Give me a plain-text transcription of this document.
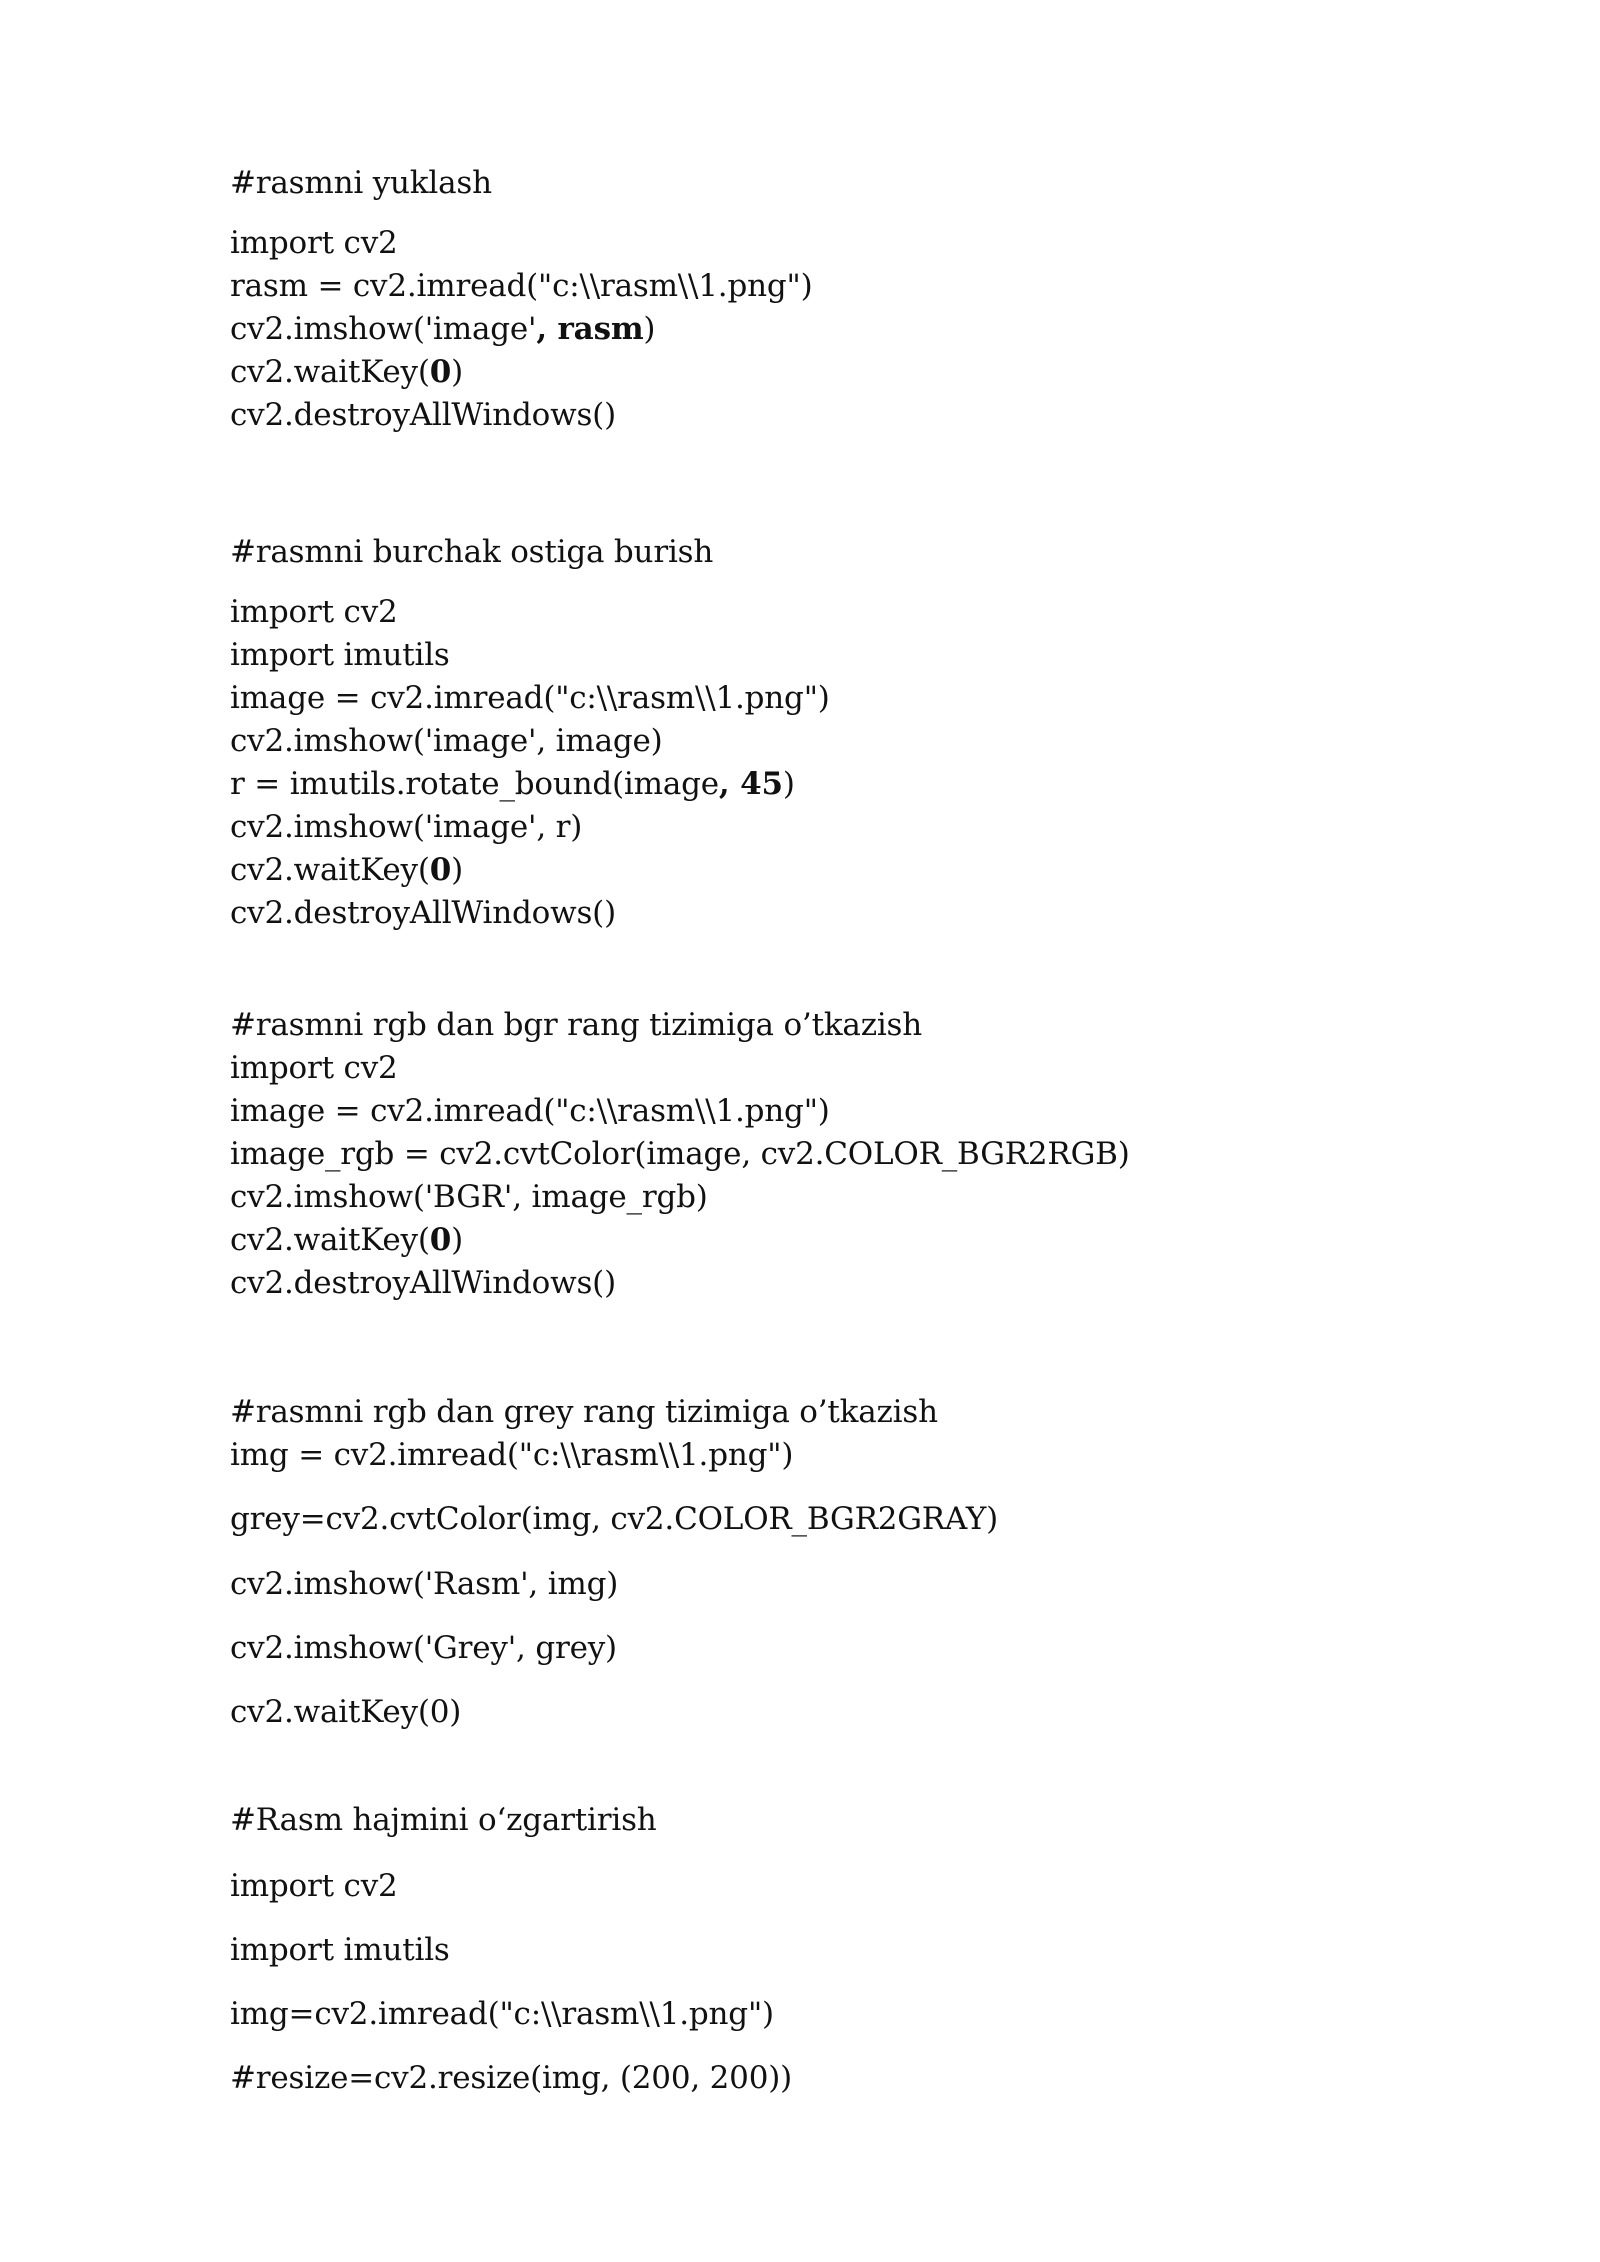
#rasmni yuklash
import cv2
rasm = cv2.imread("c:\\rasm\\1.png")
cv2.imshow('image', rasm)
cv2.waitKey(0)
cv2.destroyAllWindows()
#rasmni burchak ostiga burish
import cv2
import imutils
image = cv2.imread("c:\\rasm\\1.png")
cv2.imshow('image', image)
r = imutils.rotate_bound(image, 45)
cv2.imshow('image', r)
cv2.waitKey(0)
cv2.destroyAllWindows()
#rasmni rgb dan bgr rang tizimiga o’tkazish
import cv2
image = cv2.imread("c:\\rasm\\1.png")
image_rgb = cv2.cvtColor(image, cv2.COLOR_BGR2RGB)
cv2.imshow('BGR', image_rgb)
cv2.waitKey(0)
cv2.destroyAllWindows()
#rasmni rgb dan grey rang tizimiga o’tkazish
img = cv2.imread("c:\\rasm\\1.png")
grey=cv2.cvtColor(img, cv2.COLOR_BGR2GRAY)
cv2.imshow('Rasm', img)
cv2.imshow('Grey', grey)
cv2.waitKey(0)
#Rasm hajmini o‘zgartirish
import cv2
import imutils
img=cv2.imread("c:\\rasm\\1.png")
#resize=cv2.resize(img, (200, 200))
